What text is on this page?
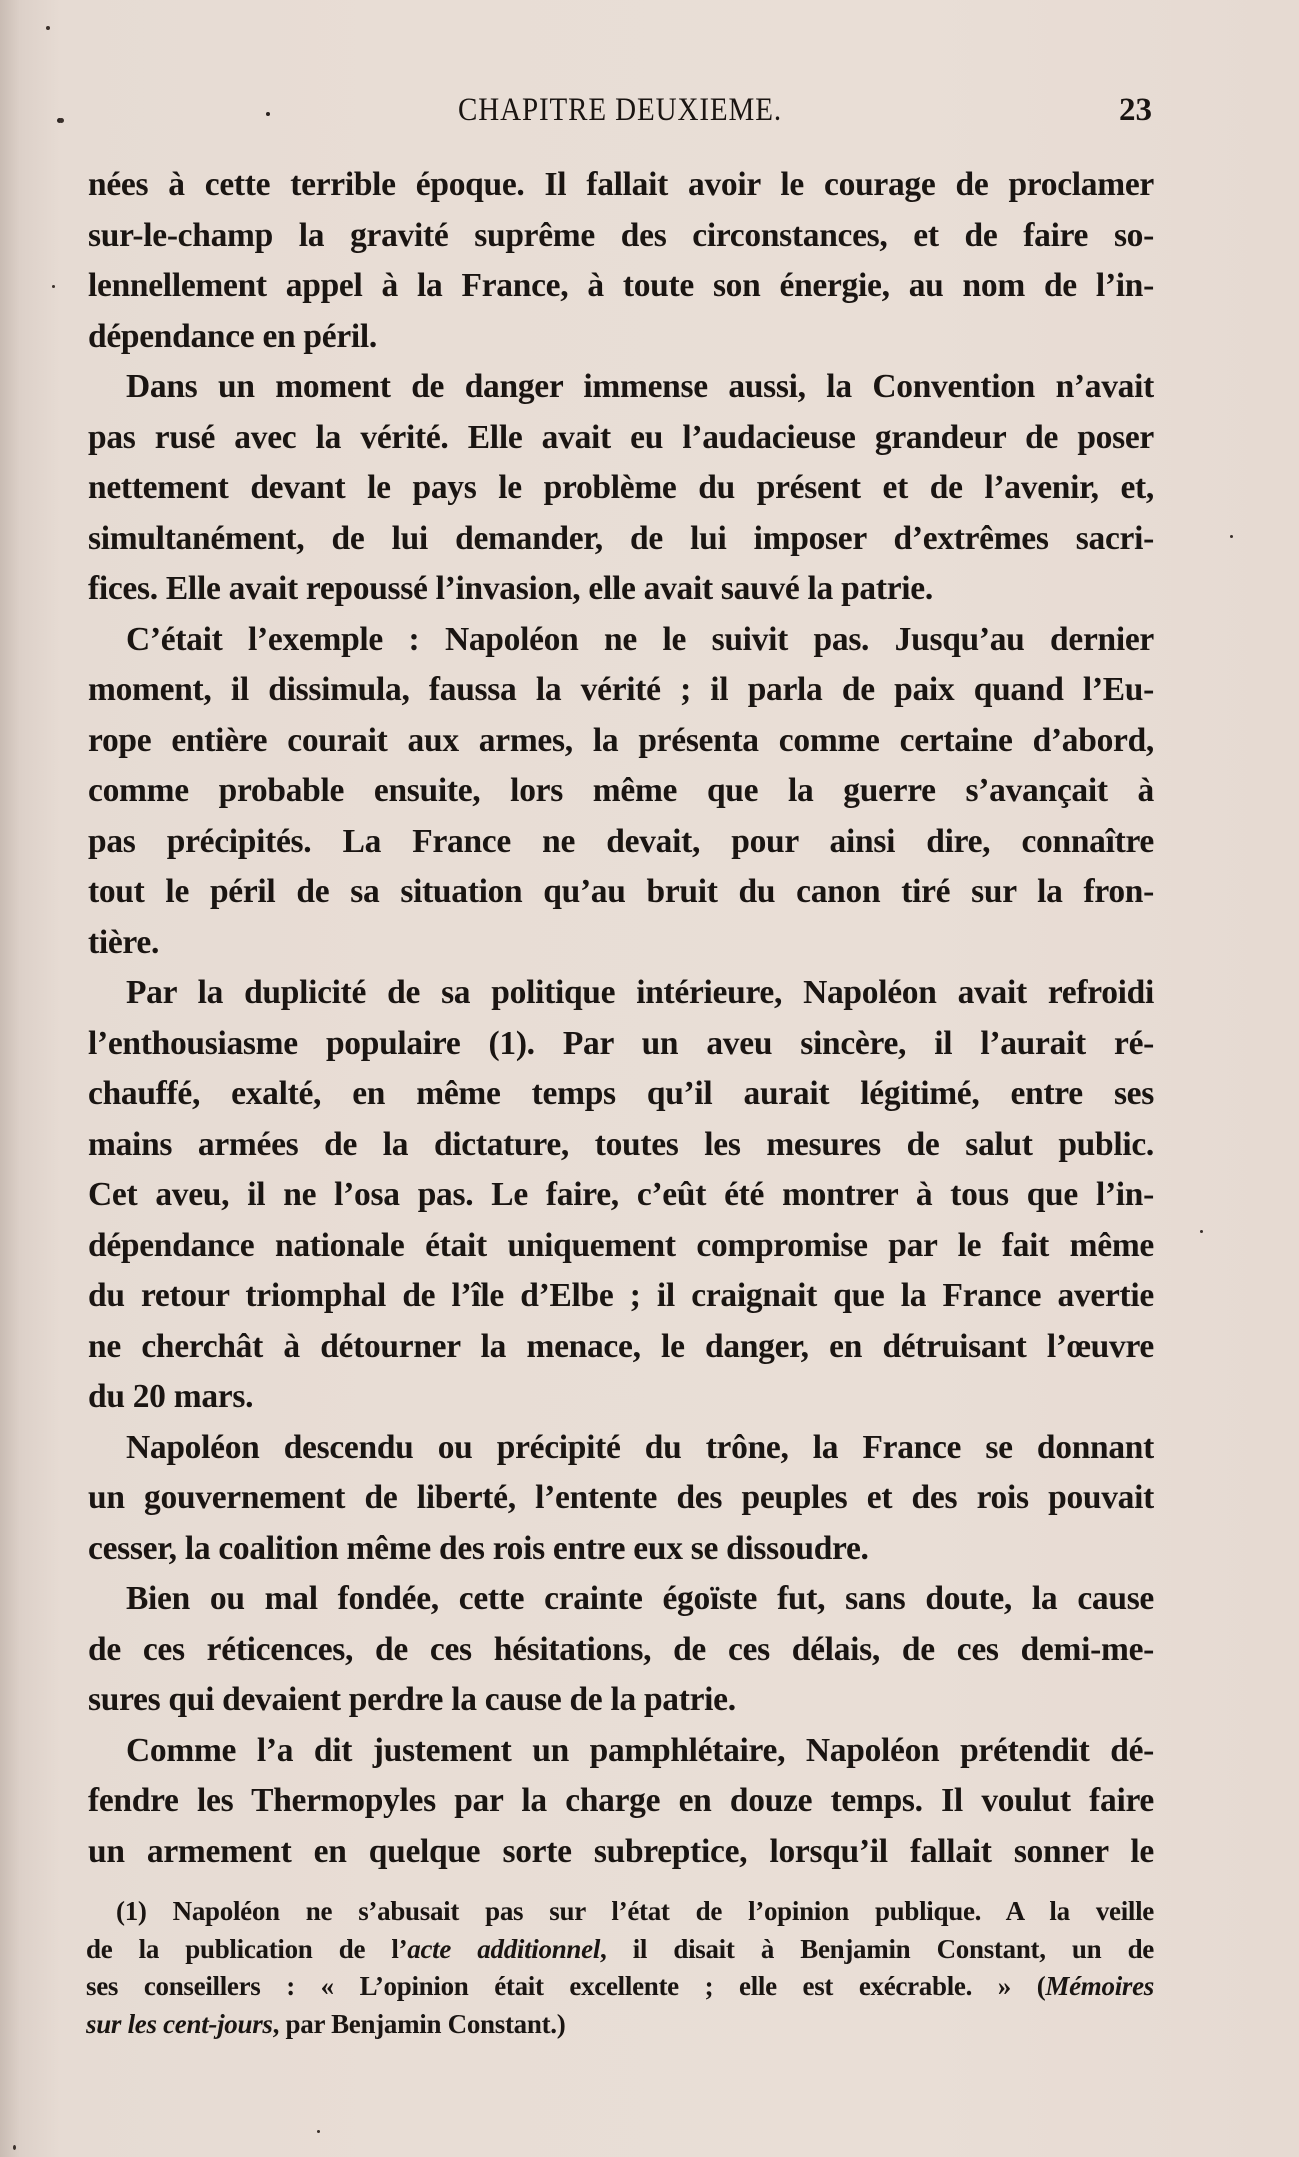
CHAPITRE DEUXIEME.	23
nées à cette terrible époque. Il fallait avoir le courage de proclamer
sur-le-champ la gravité suprême des circonstances, et de faire so-
lennellement appel à la France, à toute son énergie, au nom de l’in-
dépendance en péril.
Dans un moment de danger immense aussi, la Convention n’avait
pas rusé avec la vérité. Elle avait eu l’audacieuse grandeur de poser
nettement devant le pays le problème du présent et de l’avenir, et,
simultanément, de lui demander, de lui imposer d’extrêmes sacri-
fices. Elle avait repoussé l’invasion, elle avait sauvé la patrie.
C’était l’exemple : Napoléon ne le suivit pas. Jusqu’au dernier
moment, il dissimula, faussa la vérité ; il parla de paix quand l’Eu-
rope entière courait aux armes, la présenta comme certaine d’abord,
comme probable ensuite, lors même que la guerre s’avançait à
pas précipités. La France ne devait, pour ainsi dire, connaître
tout le péril de sa situation qu’au bruit du canon tiré sur la fron-
tière.
Par la duplicité de sa politique intérieure, Napoléon avait refroidi
l’enthousiasme populaire (1). Par un aveu sincère, il l’aurait ré-
chauffé, exalté, en même temps qu’il aurait légitimé, entre ses
mains armées de la dictature, toutes les mesures de salut public.
Cet aveu, il ne l’osa pas. Le faire, c’eût été montrer à tous que l’in-
dépendance nationale était uniquement compromise par le fait même
du retour triomphal de l’île d’Elbe ; il craignait que la France avertie
ne cherchât à détourner la menace, le danger, en détruisant l’œuvre
du 20 mars.
Napoléon descendu ou précipité du trône, la France se donnant
un gouvernement de liberté, l’entente des peuples et des rois pouvait
cesser, la coalition même des rois entre eux se dissoudre.
Bien ou mal fondée, cette crainte égoïste fut, sans doute, la cause
de ces réticences, de ces hésitations, de ces délais, de ces demi-me-
sures qui devaient perdre la cause de la patrie.
Comme l’a dit justement un pamphlétaire, Napoléon prétendit dé-
fendre les Thermopyles par la charge en douze temps. Il voulut faire
un armement en quelque sorte subreptice, lorsqu’il fallait sonner le
(1) Napoléon ne s’abusait pas sur l’état de l’opinion publique. A la veille
de la publication de l’acte additionnel, il disait à Benjamin Constant, un de
ses conseillers : « L’opinion était excellente ; elle est exécrable. » (Mémoires
sur les cent-jours, par Benjamin Constant.)
